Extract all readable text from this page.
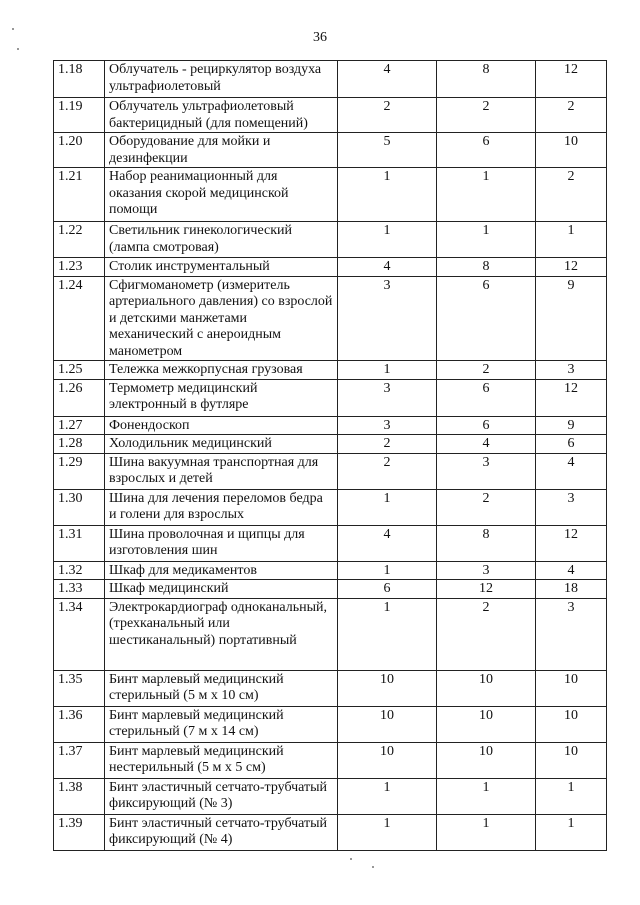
36
1.18	Облучатель - рециркулятор воздуха ультрафиолетовый	4	8	12
1.19	Облучатель ультрафиолетовый бактерицидный (для помещений)	2	2	2
1.20	Оборудование для мойки и дезинфекции	5	6	10
1.21	Набор реанимационный для оказания скорой медицинской помощи	1	1	2
1.22	Светильник гинекологический (лампа смотровая)	1	1	1
1.23	Столик инструментальный	4	8	12
1.24	Сфигмоманометр (измеритель артериального давления) со взрослой и детскими манжетами механический с анероидным манометром	3	6	9
1.25	Тележка межкорпусная грузовая	1	2	3
1.26	Термометр медицинский электронный в футляре	3	6	12
1.27	Фонендоскоп	3	6	9
1.28	Холодильник медицинский	2	4	6
1.29	Шина вакуумная транспортная для взрослых и детей	2	3	4
1.30	Шина для лечения переломов бедра и голени для взрослых	1	2	3
1.31	Шина проволочная и щипцы для изготовления шин	4	8	12
1.32	Шкаф для медикаментов	1	3	4
1.33	Шкаф медицинский	6	12	18
1.34	Электрокардиограф одноканальный, (трехканальный или шестиканальный) портативный	1	2	3
1.35	Бинт марлевый медицинский стерильный (5 м х 10 см)	10	10	10
1.36	Бинт марлевый медицинский стерильный (7 м х 14 см)	10	10	10
1.37	Бинт марлевый медицинский нестерильный (5 м х 5 см)	10	10	10
1.38	Бинт эластичный сетчато-трубчатый фиксирующий (№ 3)	1	1	1
1.39	Бинт эластичный сетчато-трубчатый фиксирующий (№ 4)	1	1	1
